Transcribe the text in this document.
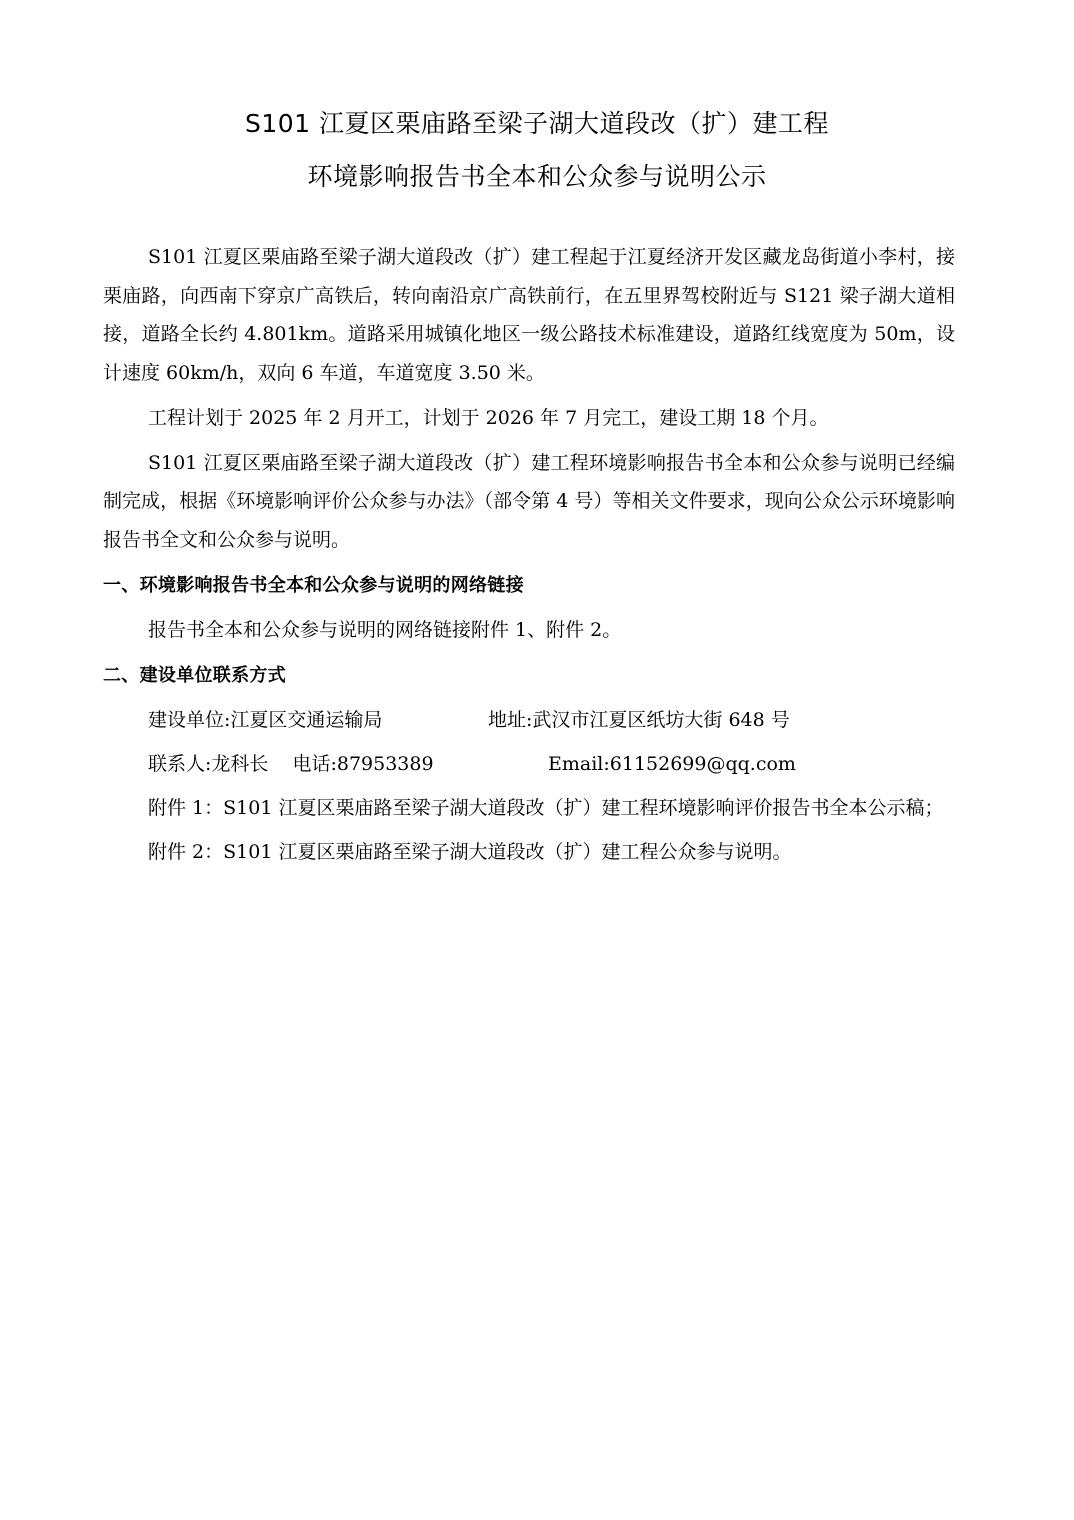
S101 江夏区栗庙路至梁子湖大道段改（扩）建工程
环境影响报告书全本和公众参与说明公示

S101 江夏区栗庙路至梁子湖大道段改（扩）建工程起于江夏经济开发区藏龙岛街道小李村，接栗庙路，向西南下穿京广高铁后，转向南沿京广高铁前行，在五里界驾校附近与 S121 梁子湖大道相接，道路全长约 4.801km。道路采用城镇化地区一级公路技术标准建设，道路红线宽度为 50m，设计速度 60km/h，双向 6 车道，车道宽度 3.50 米。

工程计划于 2025 年 2 月开工，计划于 2026 年 7 月完工，建设工期 18 个月。

S101 江夏区栗庙路至梁子湖大道段改（扩）建工程环境影响报告书全本和公众参与说明已经编制完成，根据《环境影响评价公众参与办法》（部令第 4 号）等相关文件要求，现向公众公示环境影响报告书全文和公众参与说明。

一、环境影响报告书全本和公众参与说明的网络链接

报告书全本和公众参与说明的网络链接附件 1、附件 2。

二、建设单位联系方式

建设单位:江夏区交通运输局	地址:武汉市江夏区纸坊大街 648 号
联系人:龙科长 电话:87953389	Email:61152699@qq.com

附件 1：S101 江夏区栗庙路至梁子湖大道段改（扩）建工程环境影响评价报告书全本公示稿；

附件 2：S101 江夏区栗庙路至梁子湖大道段改（扩）建工程公众参与说明。
